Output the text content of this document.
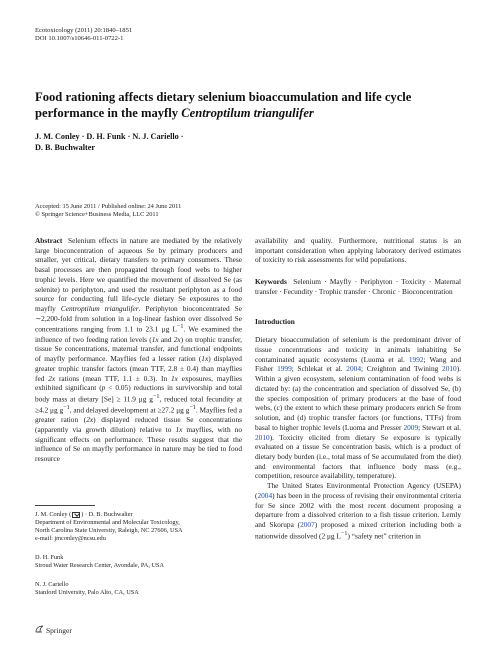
Ecotoxicology (2011) 20:1840–1851
DOI 10.1007/s10646-011-0722-1
Food rationing affects dietary selenium bioaccumulation and life cycle performance in the mayfly Centroptilum triangulifer
J. M. Conley · D. H. Funk · N. J. Cariello ·
D. B. Buchwalter
Accepted: 15 June 2011 / Published online: 24 June 2011
© Springer Science+Business Media, LLC 2011

Abstract Selenium effects in nature are mediated by the relatively large bioconcentration of aqueous Se by primary producers and smaller, yet critical, dietary transfers to primary consumers. These basal processes are then propagated through food webs to higher trophic levels. Here we quantified the movement of dissolved Se (as selenite) to periphyton, and used the resultant periphyton as a food source for conducting full life-cycle dietary Se exposures to the mayfly Centroptilum triangulifer. Periphyton bioconcentrated Se ∼2,200-fold from solution in a log-linear fashion over dissolved Se concentrations ranging from 1.1 to 23.1 μg $L^{-1}$. We examined the influence of two feeding ration levels (1x and 2x) on trophic transfer, tissue Se concentrations, maternal transfer, and functional endpoints of mayfly performance. Mayflies fed a lesser ration (1x) displayed greater trophic transfer factors (mean TTF, 2.8 ± 0.4) than mayflies fed 2x rations (mean TTF, 1.1 ± 0.3). In 1x exposures, mayflies exhibited significant (p < 0.05) reductions in survivorship and total body mass at dietary [Se] ≥ 11.9 μg $g^{-1}$, reduced total fecundity at ≥4.2 μg $g^{-1}$, and delayed development at ≥27.2 μg $g^{-1}$. Mayflies fed a greater ration (2x) displayed reduced tissue Se concentrations (apparently via growth dilution) relative to 1x mayflies, with no significant effects on performance. These results suggest that the influence of Se on mayfly performance in nature may be tied to food resource

J. M. Conley ( ) · D. B. Buchwalter
Department of Environmental and Molecular Toxicology,
North Carolina State University, Raleigh, NC 27606, USA
e-mail: jmconley@ncsu.edu
D. H. Funk
Stroud Water Research Center, Avondale, PA, USA
N. J. Cariello
Stanford University, Palo Alto, CA, USA

availability and quality. Furthermore, nutritional status is an important consideration when applying laboratory derived estimates of toxicity to risk assessments for wild populations.

Keywords Selenium · Mayfly · Periphyton · Toxicity · Maternal transfer · Fecundity · Trophic transfer · Chronic · Bioconcentration

Introduction

Dietary bioaccumulation of selenium is the predominant driver of tissue concentrations and toxicity in animals inhabiting Se contaminated aquatic ecosystems (Luoma et al. 1992; Wang and Fisher 1999; Schlekat et al. 2004; Creighton and Twining 2010). Within a given ecosystem, selenium contamination of food webs is dictated by: (a) the concentration and speciation of dissolved Se, (b) the species composition of primary producers at the base of food webs, (c) the extent to which these primary producers enrich Se from solution, and (d) trophic transfer factors (or functions, TTFs) from basal to higher trophic levels (Luoma and Presser 2009; Stewart et al. 2010). Toxicity elicited from dietary Se exposure is typically evaluated on a tissue Se concentration basis, which is a product of dietary body burden (i.e., total mass of Se accumulated from the diet) and environmental factors that influence body mass (e.g., competition, resource availability, temperature).

The United States Environmental Protection Agency (USEPA) (2004) has been in the process of revising their environmental criteria for Se since 2002 with the most recent document proposing a departure from a dissolved criterion to a fish tissue criterion. Lemly and Skorupa (2007) proposed a mixed criterion including both a nationwide dissolved (2 μg $L^{-1}$) “safety net” criterion in

Springer
